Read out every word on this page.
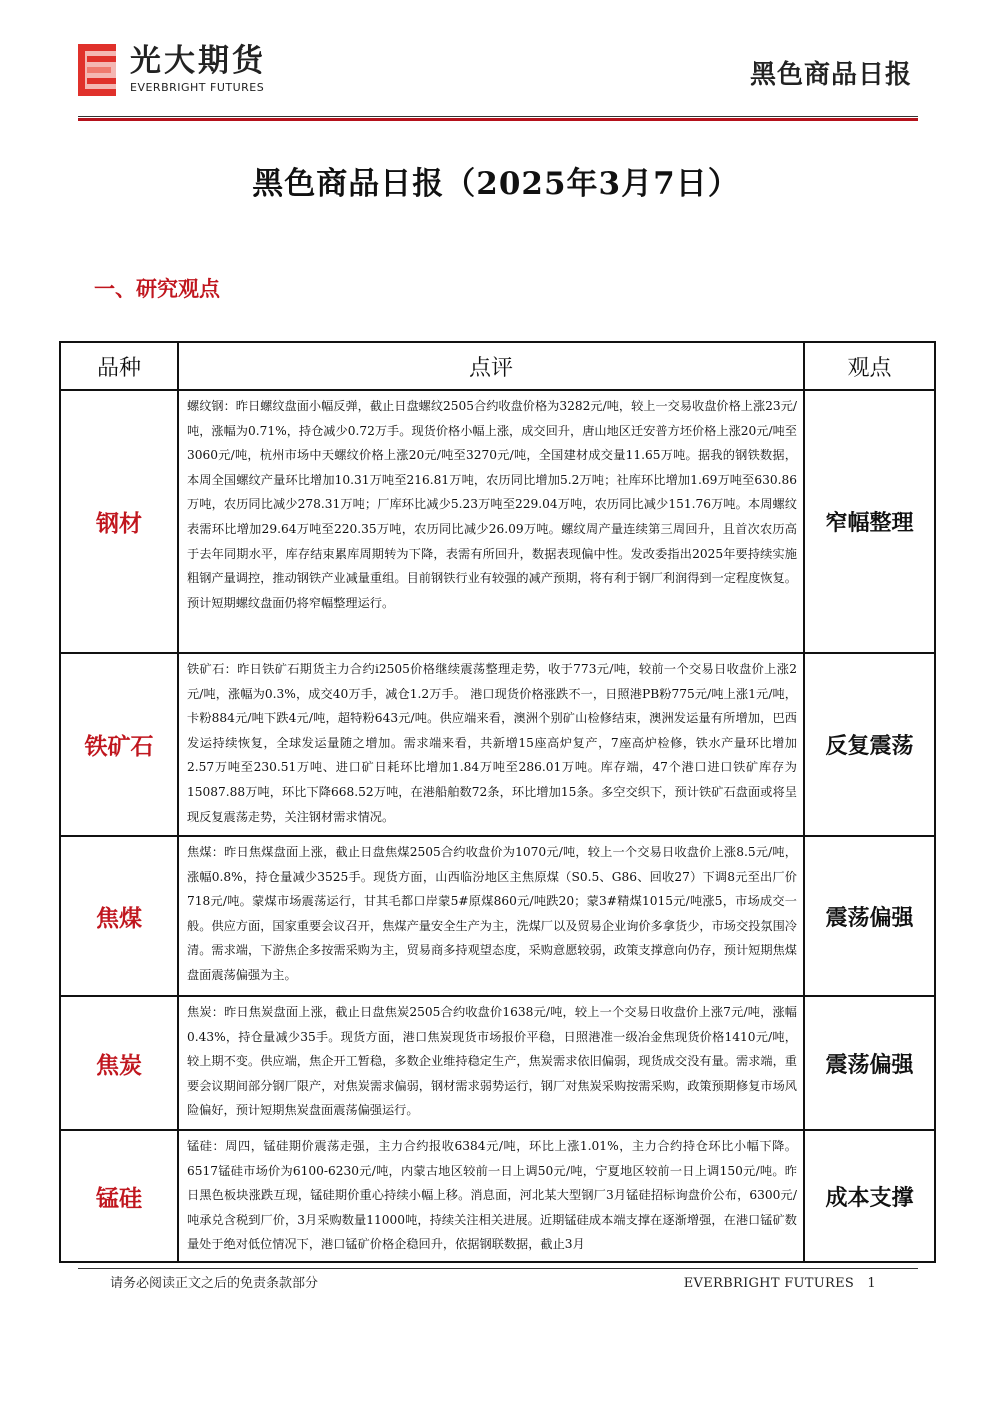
光大期货
EVERBRIGHT FUTURES	黑色商品日报
黑色商品日报（2025年3月7日）
一、研究观点
品种	点评	观点
钢材	螺纹钢：昨日螺纹盘面小幅反弹，截止日盘螺纹2505合约收盘价格为3282元/吨，较上一交易收盘价格上涨23元/吨，涨幅为0.71%，持仓减少0.72万手。现货价格小幅上涨，成交回升，唐山地区迁安普方坯价格上涨20元/吨至3060元/吨，杭州市场中天螺纹价格上涨20元/吨至3270元/吨，全国建材成交量11.65万吨。据我的钢铁数据，本周全国螺纹产量环比增加10.31万吨至216.81万吨，农历同比增加5.2万吨；社库环比增加1.69万吨至630.86万吨，农历同比减少278.31万吨；厂库环比减少5.23万吨至229.04万吨，农历同比减少151.76万吨。本周螺纹表需环比增加29.64万吨至220.35万吨，农历同比减少26.09万吨。螺纹周产量连续第三周回升，且首次农历高于去年同期水平，库存结束累库周期转为下降，表需有所回升，数据表现偏中性。发改委指出2025年要持续实施粗钢产量调控，推动钢铁产业减量重组。目前钢铁行业有较强的减产预期，将有利于钢厂利润得到一定程度恢复。预计短期螺纹盘面仍将窄幅整理运行。	窄幅整理
铁矿石	铁矿石：昨日铁矿石期货主力合约i2505价格继续震荡整理走势，收于773元/吨，较前一个交易日收盘价上涨2元/吨，涨幅为0.3%，成交40万手，减仓1.2万手。 港口现货价格涨跌不一，日照港PB粉775元/吨上涨1元/吨，卡粉884元/吨下跌4元/吨，超特粉643元/吨。供应端来看，澳洲个别矿山检修结束，澳洲发运量有所增加，巴西发运持续恢复，全球发运量随之增加。需求端来看，共新增15座高炉复产，7座高炉检修，铁水产量环比增加2.57万吨至230.51万吨、进口矿日耗环比增加1.84万吨至286.01万吨。库存端，47个港口进口铁矿库存为15087.88万吨，环比下降668.52万吨，在港船舶数72条，环比增加15条。多空交织下，预计铁矿石盘面或将呈现反复震荡走势，关注钢材需求情况。	反复震荡
焦煤	焦煤：昨日焦煤盘面上涨，截止日盘焦煤2505合约收盘价为1070元/吨，较上一个交易日收盘价上涨8.5元/吨，涨幅0.8%，持仓量减少3525手。现货方面，山西临汾地区主焦原煤（S0.5、G86、回收27）下调8元至出厂价718元/吨。蒙煤市场震荡运行，甘其毛都口岸蒙5#原煤860元/吨跌20；蒙3#精煤1015元/吨涨5，市场成交一般。供应方面，国家重要会议召开，焦煤产量安全生产为主，洗煤厂以及贸易企业询价多拿货少，市场交投氛围冷清。需求端，下游焦企多按需采购为主，贸易商多持观望态度，采购意愿较弱，政策支撑意向仍存，预计短期焦煤盘面震荡偏强为主。	震荡偏强
焦炭	焦炭：昨日焦炭盘面上涨，截止日盘焦炭2505合约收盘价1638元/吨，较上一个交易日收盘价上涨7元/吨，涨幅0.43%，持仓量减少35手。现货方面，港口焦炭现货市场报价平稳，日照港准一级冶金焦现货价格1410元/吨，较上期不变。供应端，焦企开工暂稳，多数企业维持稳定生产，焦炭需求依旧偏弱，现货成交没有量。需求端，重要会议期间部分钢厂限产，对焦炭需求偏弱，钢材需求弱势运行，钢厂对焦炭采购按需采购，政策预期修复市场风险偏好，预计短期焦炭盘面震荡偏强运行。	震荡偏强
锰硅	锰硅：周四，锰硅期价震荡走强，主力合约报收6384元/吨，环比上涨1.01%，主力合约持仓环比小幅下降。6517锰硅市场价为6100-6230元/吨，内蒙古地区较前一日上调50元/吨，宁夏地区较前一日上调150元/吨。昨日黑色板块涨跌互现，锰硅期价重心持续小幅上移。消息面，河北某大型钢厂3月锰硅招标询盘价公布，6300元/吨承兑含税到厂价，3月采购数量11000吨，持续关注相关进展。近期锰硅成本端支撑在逐渐增强，在港口锰矿数量处于绝对低位情况下，港口锰矿价格企稳回升，依据钢联数据，截止3月	成本支撑
请务必阅读正文之后的免责条款部分	EVERBRIGHT FUTURES 1
